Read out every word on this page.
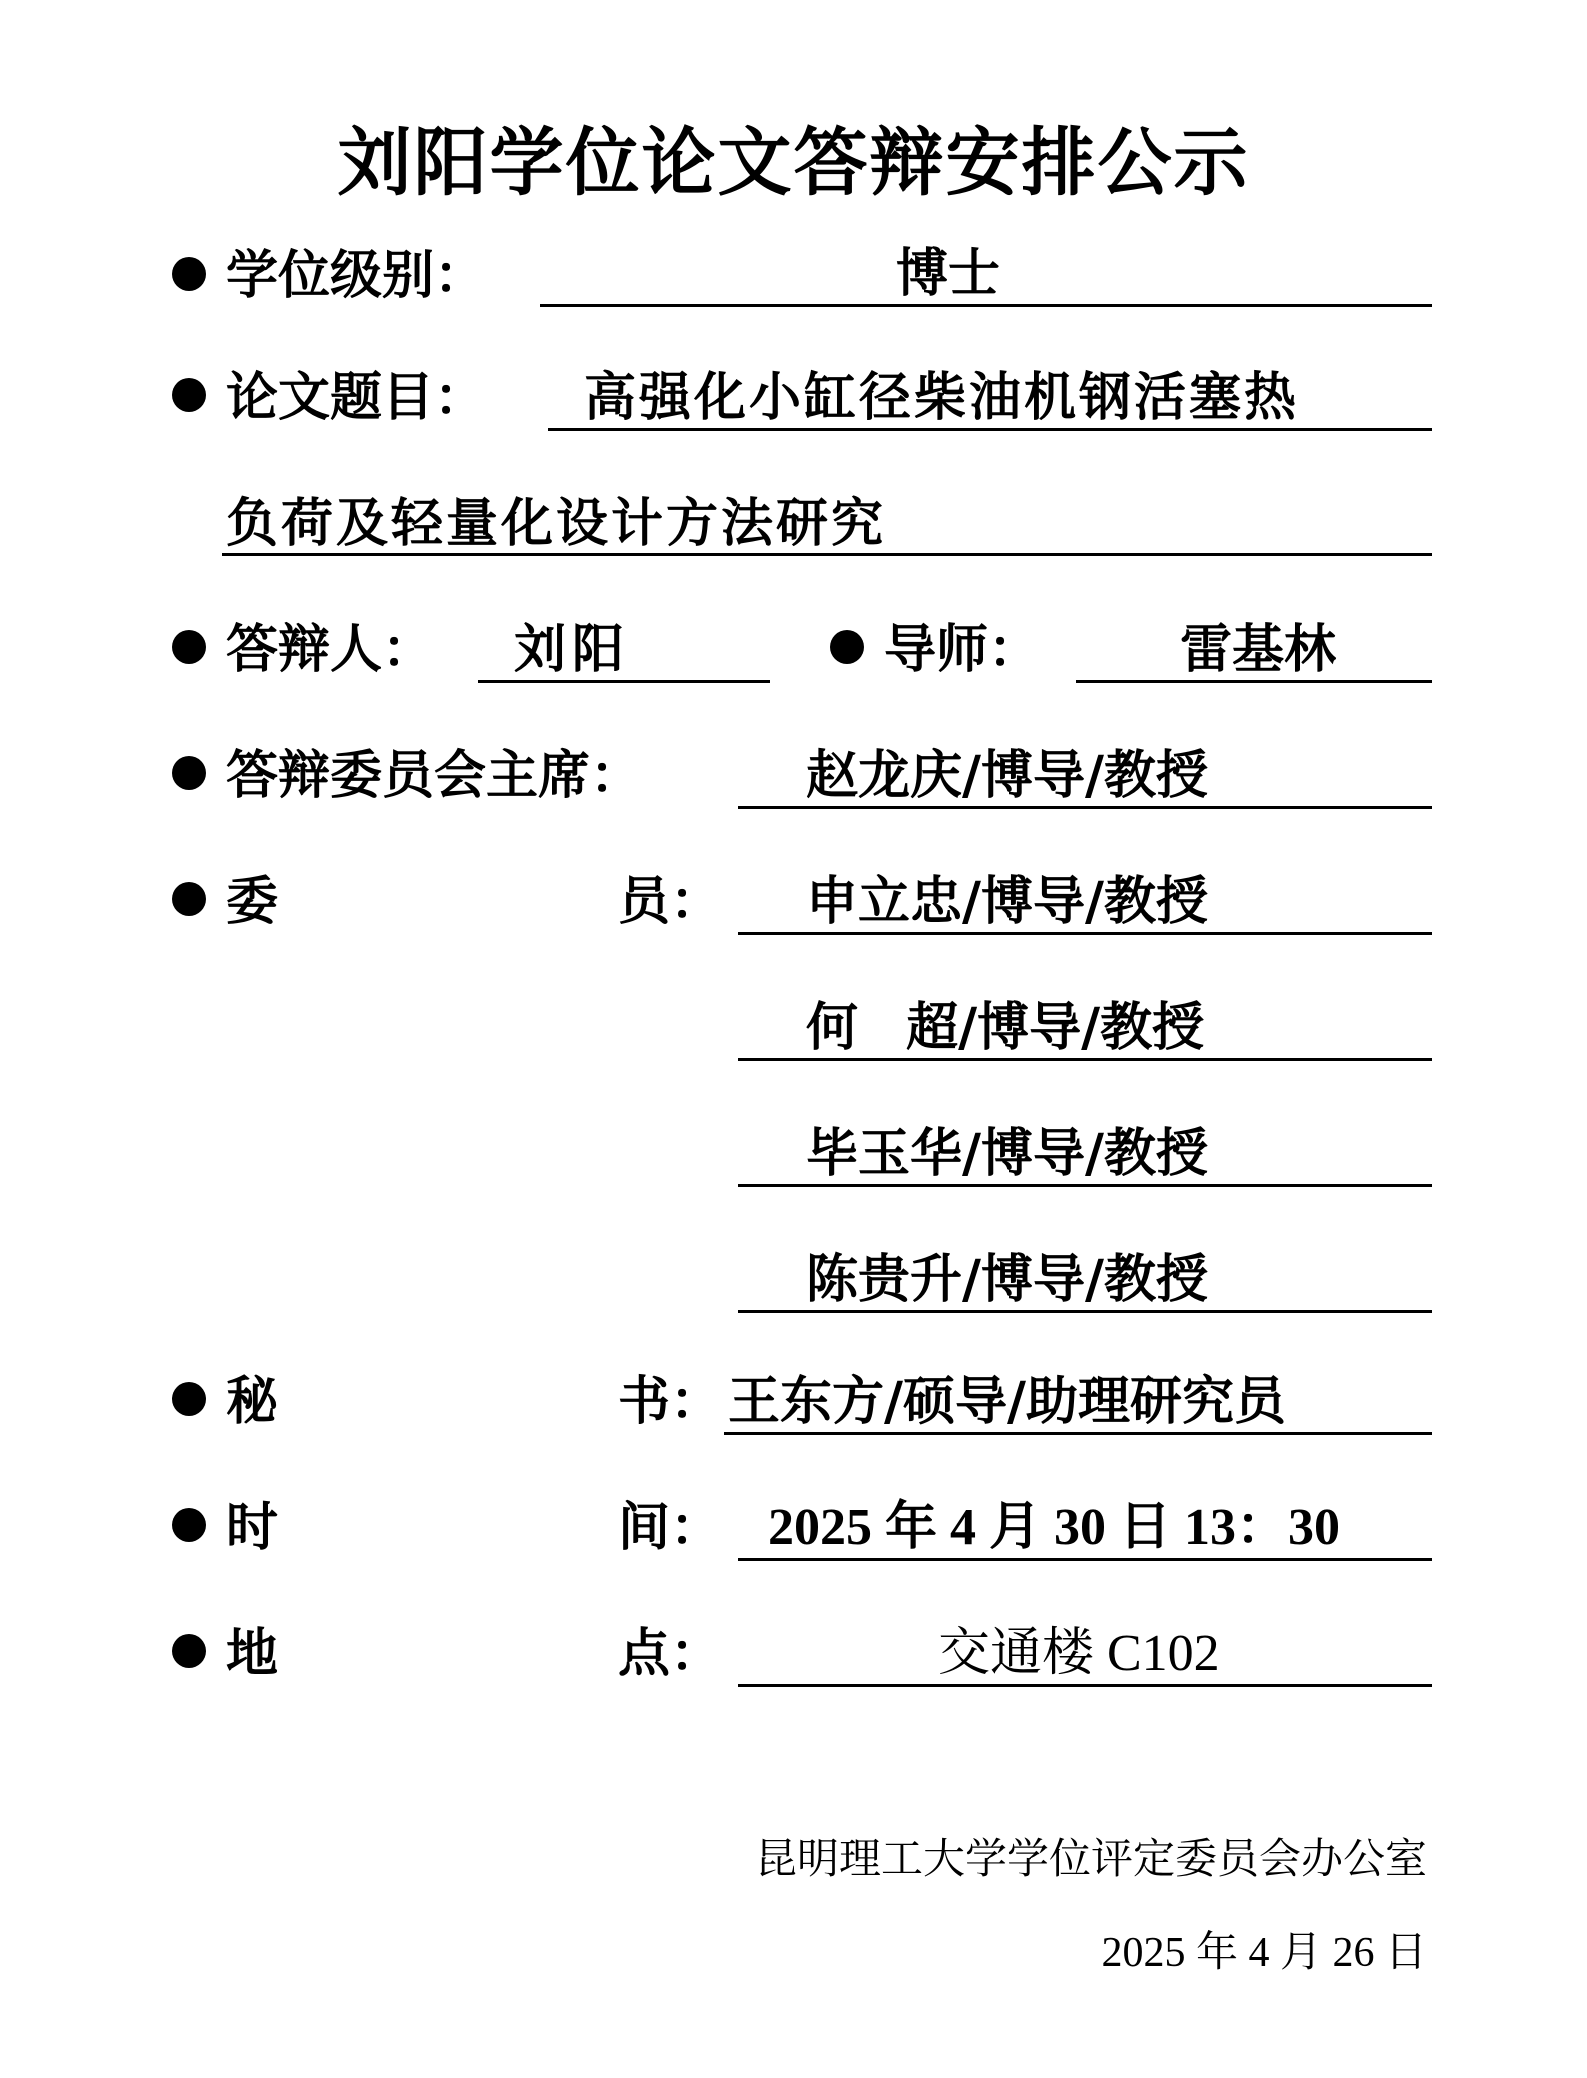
刘阳学位论文答辩安排公示
学位级别：	博士
论文题目： 高强化小缸径柴油机钢活塞热
负荷及轻量化设计方法研究
答辩人： 刘阳	导师：	雷基林
答辩委员会主席：	赵龙庆/博导/教授
委	员： 申立忠/博导/教授
何 超/博导/教授
毕玉华/博导/教授
陈贵升/博导/教授
秘	书： 王东方/硕导/助理研究员
时	间： 2025 年 4 月 30 日 13：30
地	点：	交通楼 C102
昆明理工大学学位评定委员会办公室
2025 年 4 月 26 日
